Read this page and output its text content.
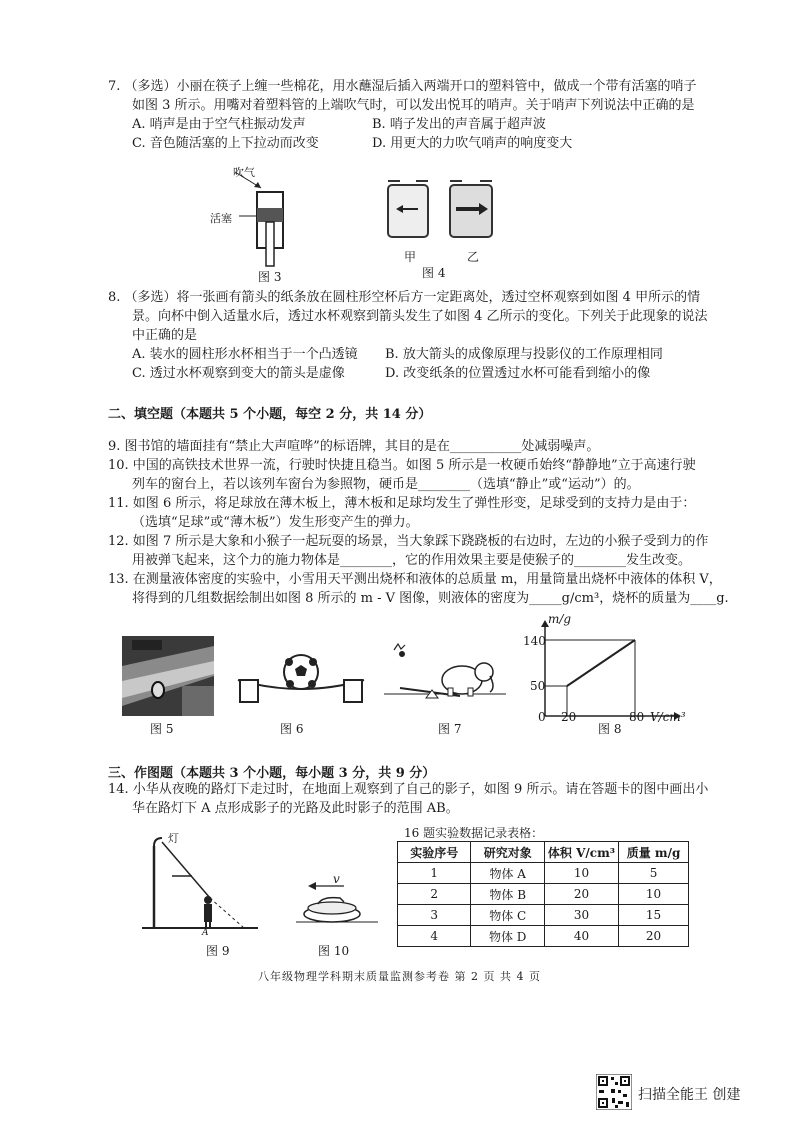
7. （多选）小丽在筷子上缠一些棉花，用水蘸湿后插入两端开口的塑料管中，做成一个带有活塞的哨子
如图 3 所示。用嘴对着塑料管的上端吹气时，可以发出悦耳的哨声。关于哨声下列说法中正确的是
A. 哨声是由于空气柱振动发声	B. 哨子发出的声音属于超声波
C. 音色随活塞的上下拉动而改变	D. 用更大的力吹气哨声的响度变大
吹气
活塞
图 3
甲	乙
图 4
8. （多选）将一张画有箭头的纸条放在圆柱形空杯后方一定距离处，透过空杯观察到如图 4 甲所示的情
景。向杯中倒入适量水后，透过水杯观察到箭头发生了如图 4 乙所示的变化。下列关于此现象的说法
中正确的是
A. 装水的圆柱形水杯相当于一个凸透镜 B. 放大箭头的成像原理与投影仪的工作原理相同
C. 透过水杯观察到变大的箭头是虚像	D. 改变纸条的位置透过水杯可能看到缩小的像
二、填空题（本题共 5 个小题，每空 2 分，共 14 分）
9. 图书馆的墙面挂有“禁止大声喧哗”的标语牌，其目的是在___________处减弱噪声。
10. 中国的高铁技术世界一流，行驶时快捷且稳当。如图 5 所示是一枚硬币始终“静静地”立于高速行驶
列车的窗台上，若以该列车窗台为参照物，硬币是________（选填“静止”或“运动”）的。
11. 如图 6 所示，将足球放在薄木板上，薄木板和足球均发生了弹性形变，足球受到的支持力是由于：
（选填“足球”或“薄木板”）发生形变产生的弹力。
12. 如图 7 所示是大象和小猴子一起玩耍的场景，当大象踩下跷跷板的右边时，左边的小猴子受到力的作
用被弹飞起来，这个力的施力物体是________，它的作用效果主要是使猴子的________发生改变。
13. 在测量液体密度的实验中，小雪用天平测出烧杯和液体的总质量 m，用量筒量出烧杯中液体的体积 V，
将得到的几组数据绘制出如图 8 所示的 m - V 图像，则液体的密度为_____g/cm³，烧杯的质量为____g.
图 5	图 6	图 7
m/g
140
50
0 20	80 V/cm³
图 8
三、作图题（本题共 3 个小题，每小题 3 分，共 9 分）
14. 小华从夜晚的路灯下走过时，在地面上观察到了自己的影子，如图 9 所示。请在答题卡的图中画出小
华在路灯下 A 点形成影子的光路及此时影子的范围 AB。
灯
A
图 9
v
图 10
16 题实验数据记录表格：
实验序号	研究对象	体积 V/cm³	质量 m/g
1	物体 A	10	5
2	物体 B	20	10
3	物体 C	30	15
4	物体 D	40	20
八年级物理学科期末质量监测参考卷 第 2 页 共 4 页
扫描全能王 创建
